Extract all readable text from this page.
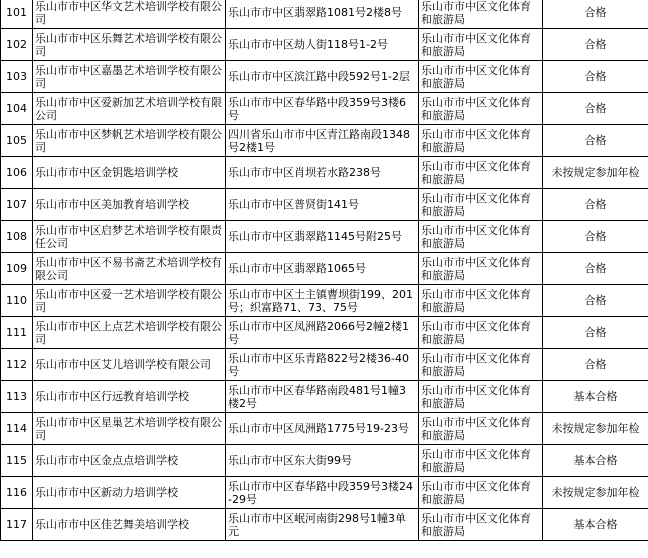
101	乐山市市中区华文艺术培训学校有限公司	乐山市市中区翡翠路1081号2楼8号	乐山市市中区文化体育和旅游局	合格
102	乐山市市中区乐舞艺术培训学校有限公司	乐山市市中区劫人街118号1-2号	乐山市市中区文化体育和旅游局	合格
103	乐山市市中区嘉墨艺术培训学校有限公司	乐山市市中区滨江路中段592号1-2层	乐山市市中区文化体育和旅游局	合格
104	乐山市市中区爱新加艺术培训学校有限公司	乐山市市中区春华路中段359号3楼6号	乐山市市中区文化体育和旅游局	合格
105	乐山市市中区梦帆艺术培训学校有限公司	四川省乐山市市中区青江路南段1348号2楼1号	乐山市市中区文化体育和旅游局	合格
106	乐山市市中区金钥匙培训学校	乐山市市中区肖坝若水路238号	乐山市市中区文化体育和旅游局	未按规定参加年检
107	乐山市市中区美加教育培训学校	乐山市市中区普贤街141号	乐山市市中区文化体育和旅游局	合格
108	乐山市市中区启梦艺术培训学校有限责任公司	乐山市市中区翡翠路1145号附25号	乐山市市中区文化体育和旅游局	合格
109	乐山市市中区不易书斋艺术培训学校有限公司	乐山市市中区翡翠路1065号	乐山市市中区文化体育和旅游局	合格
110	乐山市市中区爱一艺术培训学校有限公司	乐山市市中区土主镇曹坝街199、201号；织富路71、73、75号	乐山市市中区文化体育和旅游局	合格
111	乐山市市中区上点艺术培训学校有限公司	乐山市市中区凤洲路2066号2幢2楼1号	乐山市市中区文化体育和旅游局	合格
112	乐山市市中区艾儿培训学校有限公司	乐山市市中区乐青路822号2楼36-40号	乐山市市中区文化体育和旅游局	合格
113	乐山市市中区行远教育培训学校	乐山市市中区春华路南段481号1幢3楼2号	乐山市市中区文化体育和旅游局	基本合格
114	乐山市市中区星巢艺术培训学校有限公司	乐山市市中区凤洲路1775号19-23号	乐山市市中区文化体育和旅游局	未按规定参加年检
115	乐山市市中区金点点培训学校	乐山市市中区东大街99号	乐山市市中区文化体育和旅游局	基本合格
116	乐山市市中区新动力培训学校	乐山市市中区春华路中段359号3楼24-29号	乐山市市中区文化体育和旅游局	未按规定参加年检
117	乐山市市中区佳艺舞美培训学校	乐山市市中区岷河南街298号1幢3单元	乐山市市中区文化体育和旅游局	基本合格
